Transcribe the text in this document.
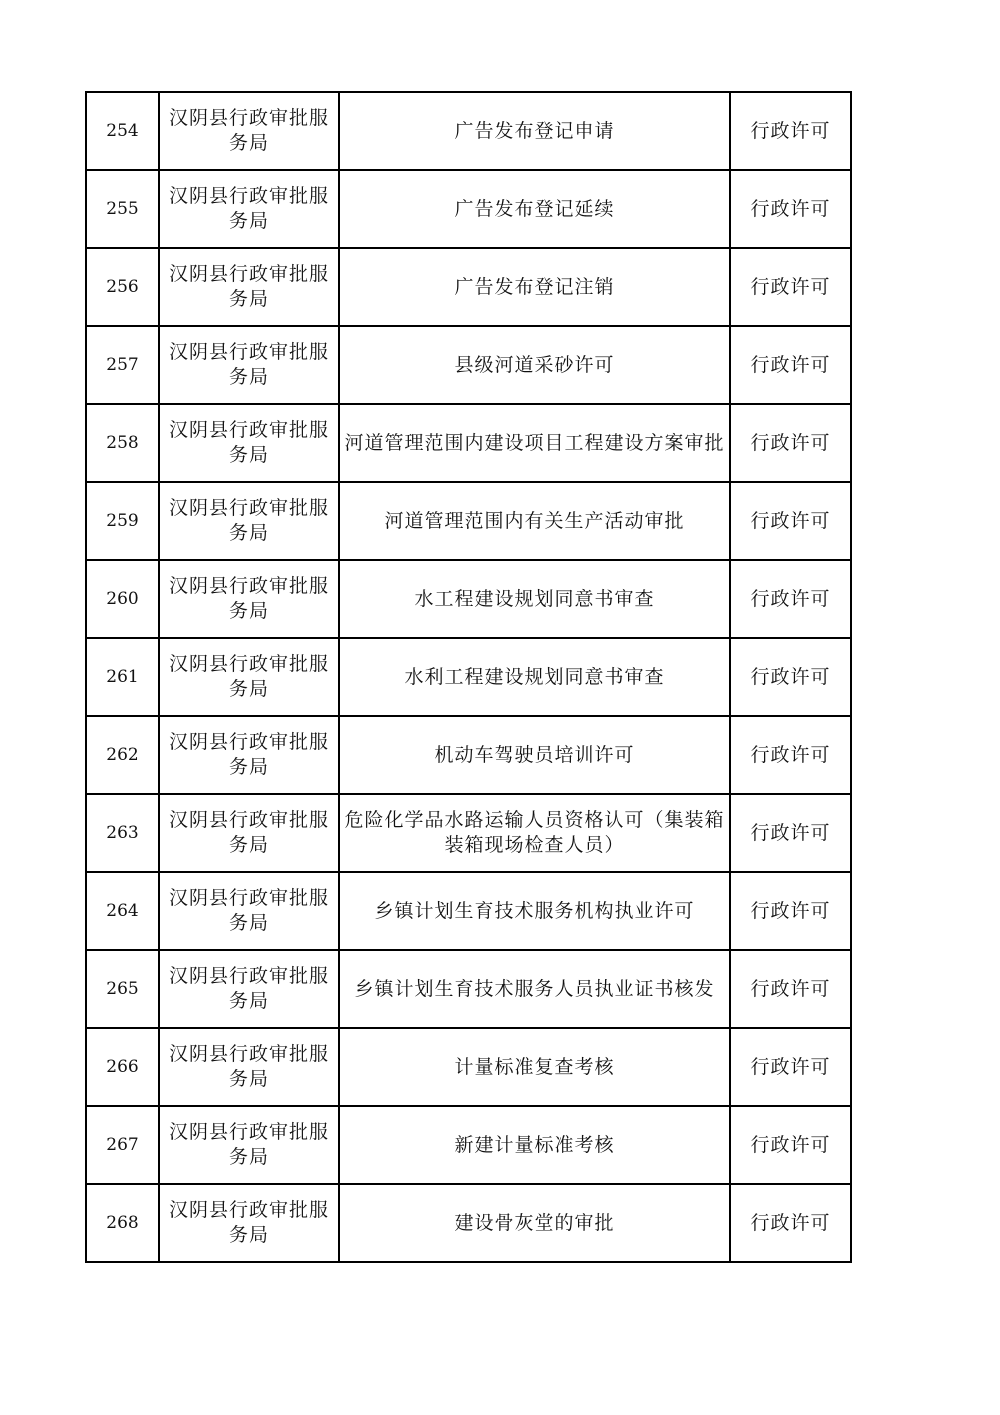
254	汉阴县行政审批服务局	广告发布登记申请	行政许可
255	汉阴县行政审批服务局	广告发布登记延续	行政许可
256	汉阴县行政审批服务局	广告发布登记注销	行政许可
257	汉阴县行政审批服务局	县级河道采砂许可	行政许可
258	汉阴县行政审批服务局	河道管理范围内建设项目工程建设方案审批	行政许可
259	汉阴县行政审批服务局	河道管理范围内有关生产活动审批	行政许可
260	汉阴县行政审批服务局	水工程建设规划同意书审查	行政许可
261	汉阴县行政审批服务局	水利工程建设规划同意书审查	行政许可
262	汉阴县行政审批服务局	机动车驾驶员培训许可	行政许可
263	汉阴县行政审批服务局	危险化学品水路运输人员资格认可（集装箱装箱现场检查人员）	行政许可
264	汉阴县行政审批服务局	乡镇计划生育技术服务机构执业许可	行政许可
265	汉阴县行政审批服务局	乡镇计划生育技术服务人员执业证书核发	行政许可
266	汉阴县行政审批服务局	计量标准复查考核	行政许可
267	汉阴县行政审批服务局	新建计量标准考核	行政许可
268	汉阴县行政审批服务局	建设骨灰堂的审批	行政许可
